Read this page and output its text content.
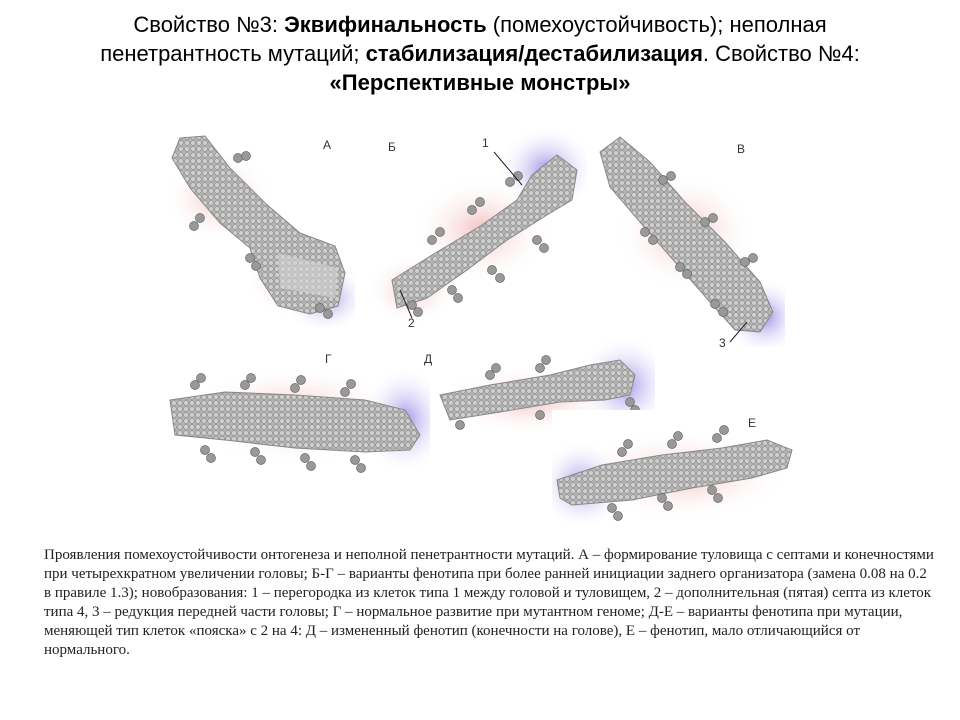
Свойство №3: Эквифинальность (помехоустойчивость); неполная
пенетрантность мутаций; стабилизация/дестабилизация. Свойство №4:
«Перспективные монстры»
А	Б	1
2
В
3
Г	Д
Е
Проявления помехоустойчивости онтогенеза и неполной пенетрантности мутаций. А – формирование туловища с септами и конечностями при четырехкратном увеличении головы; Б-Г – варианты фенотипа при более ранней инициации заднего организатора (замена 0.08 на 0.2 в правиле 1.3); новобразования: 1 – перегородка из клеток типа 1 между головой и туловищем, 2 – дополнительная (пятая) септа из клеток типа 4, 3 – редукция передней части головы; Г – нормальное развитие при мутантном геноме; Д-Е – варианты фенотипа при мутации, меняющей тип клеток «пояска» с 2 на 4: Д – измененный фенотип (конечности на голове), Е – фенотип, мало отличающийся от нормального.
